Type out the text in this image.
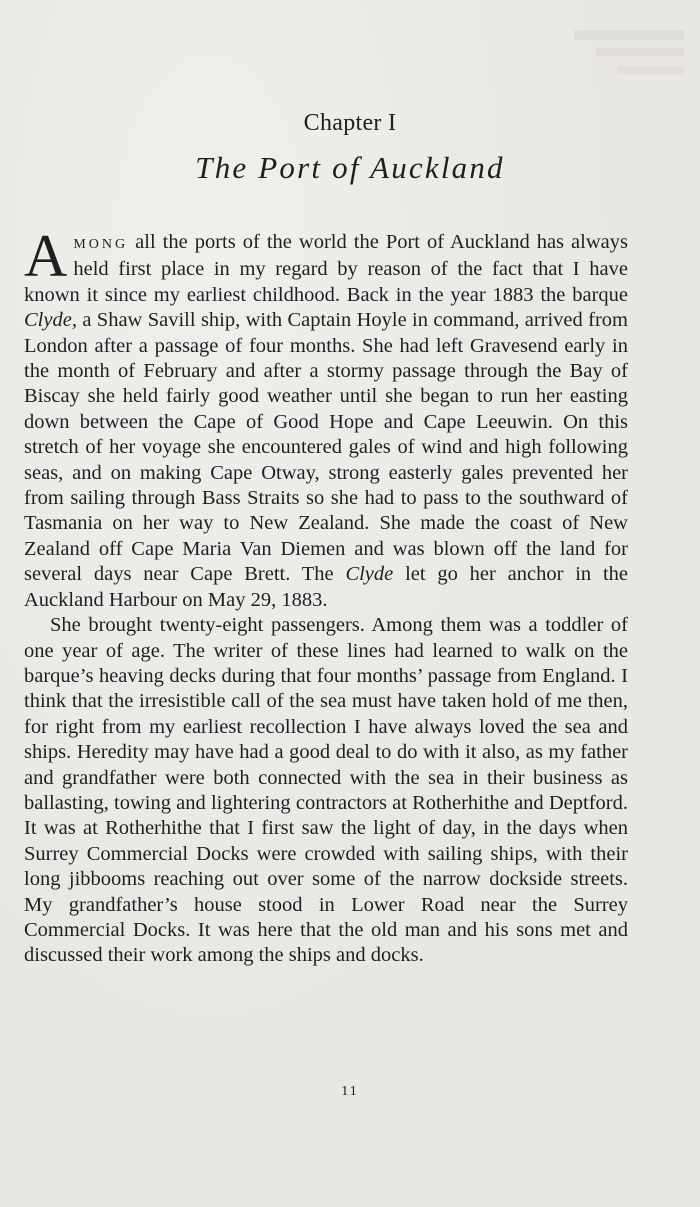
Chapter I
The Port of Auckland

AMONG all the ports of the world the Port of Auckland has always held first place in my regard by reason of the fact that I have known it since my earliest childhood. Back in the year 1883 the barque Clyde, a Shaw Savill ship, with Captain Hoyle in command, arrived from London after a passage of four months. She had left Gravesend early in the month of February and after a stormy passage through the Bay of Biscay she held fairly good weather until she began to run her easting down between the Cape of Good Hope and Cape Leeuwin. On this stretch of her voyage she encountered gales of wind and high following seas, and on making Cape Otway, strong easterly gales prevented her from sailing through Bass Straits so she had to pass to the southward of Tasmania on her way to New Zealand. She made the coast of New Zealand off Cape Maria Van Diemen and was blown off the land for several days near Cape Brett. The Clyde let go her anchor in the Auckland Harbour on May 29, 1883.

She brought twenty-eight passengers. Among them was a toddler of one year of age. The writer of these lines had learned to walk on the barque’s heaving decks during that four months’ passage from England. I think that the irresistible call of the sea must have taken hold of me then, for right from my earliest recollection I have always loved the sea and ships. Heredity may have had a good deal to do with it also, as my father and grandfather were both connected with the sea in their business as ballasting, towing and lightering contractors at Rotherhithe and Deptford. It was at Rotherhithe that I first saw the light of day, in the days when Surrey Commercial Docks were crowded with sailing ships, with their long jibbooms reaching out over some of the narrow dockside streets. My grandfather’s house stood in Lower Road near the Surrey Commercial Docks. It was here that the old man and his sons met and discussed their work among the ships and docks.

11
